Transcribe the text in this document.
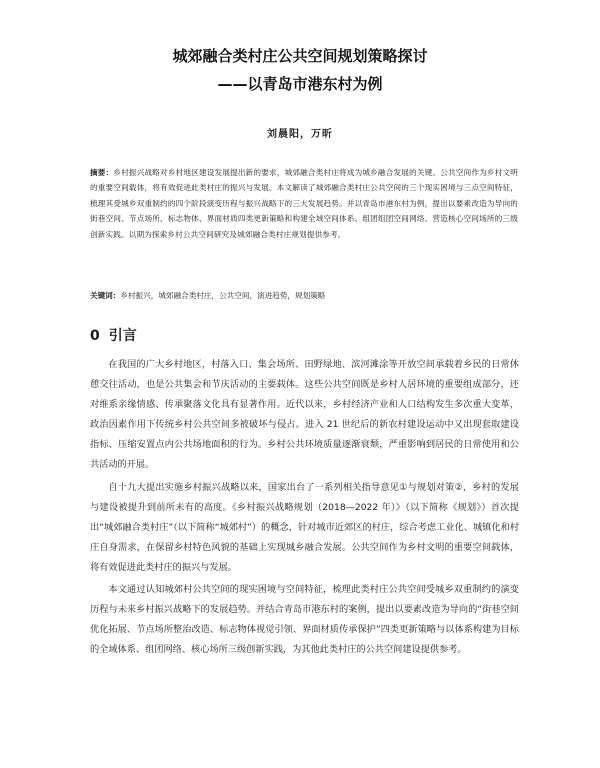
城郊融合类村庄公共空间规划策略探讨
——以青岛市港东村为例
刘晨阳，万昕
摘要：乡村振兴战略对乡村地区建设发展提出新的要求，城郊融合类村庄将成为城乡融合发展的关键。公共空间作为乡村文明的重要空间载体，将有效促进此类村庄的振兴与发展。本文解读了城郊融合类村庄公共空间的三个现实困境与三点空间特征，梳理其受城乡双重制约的四个阶段演变历程与振兴战略下的三大发展趋势。并以青岛市港东村为例，提出以要素改造为导向的街巷空间、节点场所、标志物体、界面材质四类更新策略和构建全域空间体系、组团组团空间网络、营造核心空间场所的三级创新实践。以期为探索乡村公共空间研究及城郊融合类村庄规划提供参考。
关键词：乡村振兴，城郊融合类村庄，公共空间，演进趋势，规划策略
0 引言

在我国的广大乡村地区，村落入口、集会场所、田野绿地、滨河滩涂等开放空间承载着乡民的日常休憩交往活动，也是公共集会和节庆活动的主要载体。这些公共空间既是乡村人居环境的重要组成部分，还对维系亲缘情感、传承聚落文化具有显著作用。近代以来，乡村经济产业和人口结构发生多次重大变革，政治因素作用下传统乡村公共空间多被破坏与侵占。进入 21 世纪后的新农村建设运动中又出现套取建设指标、压缩安置点内公共场地面积的行为。乡村公共环境质量逐渐衰颓，严重影响到居民的日常使用和公共活动的开展。

自十九大提出实施乡村振兴战略以来，国家出台了一系列相关指导意见①与规划对策②，乡村的发展与建设被提升到前所未有的高度。《乡村振兴战略规划（2018—2022 年）》（以下简称《规划》）首次提出“城郊融合类村庄”（以下简称“城郊村”）的概念，针对城市近郊区的村庄，综合考虑工业化、城镇化和村庄自身需求，在保留乡村特色风貌的基础上实现城乡融合发展。公共空间作为乡村文明的重要空间载体，将有效促进此类村庄的振兴与发展。

本文通过认知城郊村公共空间的现实困境与空间特征，梳理此类村庄公共空间受城乡双重制约的演变历程与未来乡村振兴战略下的发展趋势。并结合青岛市港东村的案例，提出以要素改造为导向的“街巷空间优化拓展、节点场所整治改造、标志物体视觉引领、界面材质传承保护”四类更新策略与以体系构建为目标的全域体系、组团网络、核心场所三级创新实践，为其他此类村庄的公共空间建设提供参考。
